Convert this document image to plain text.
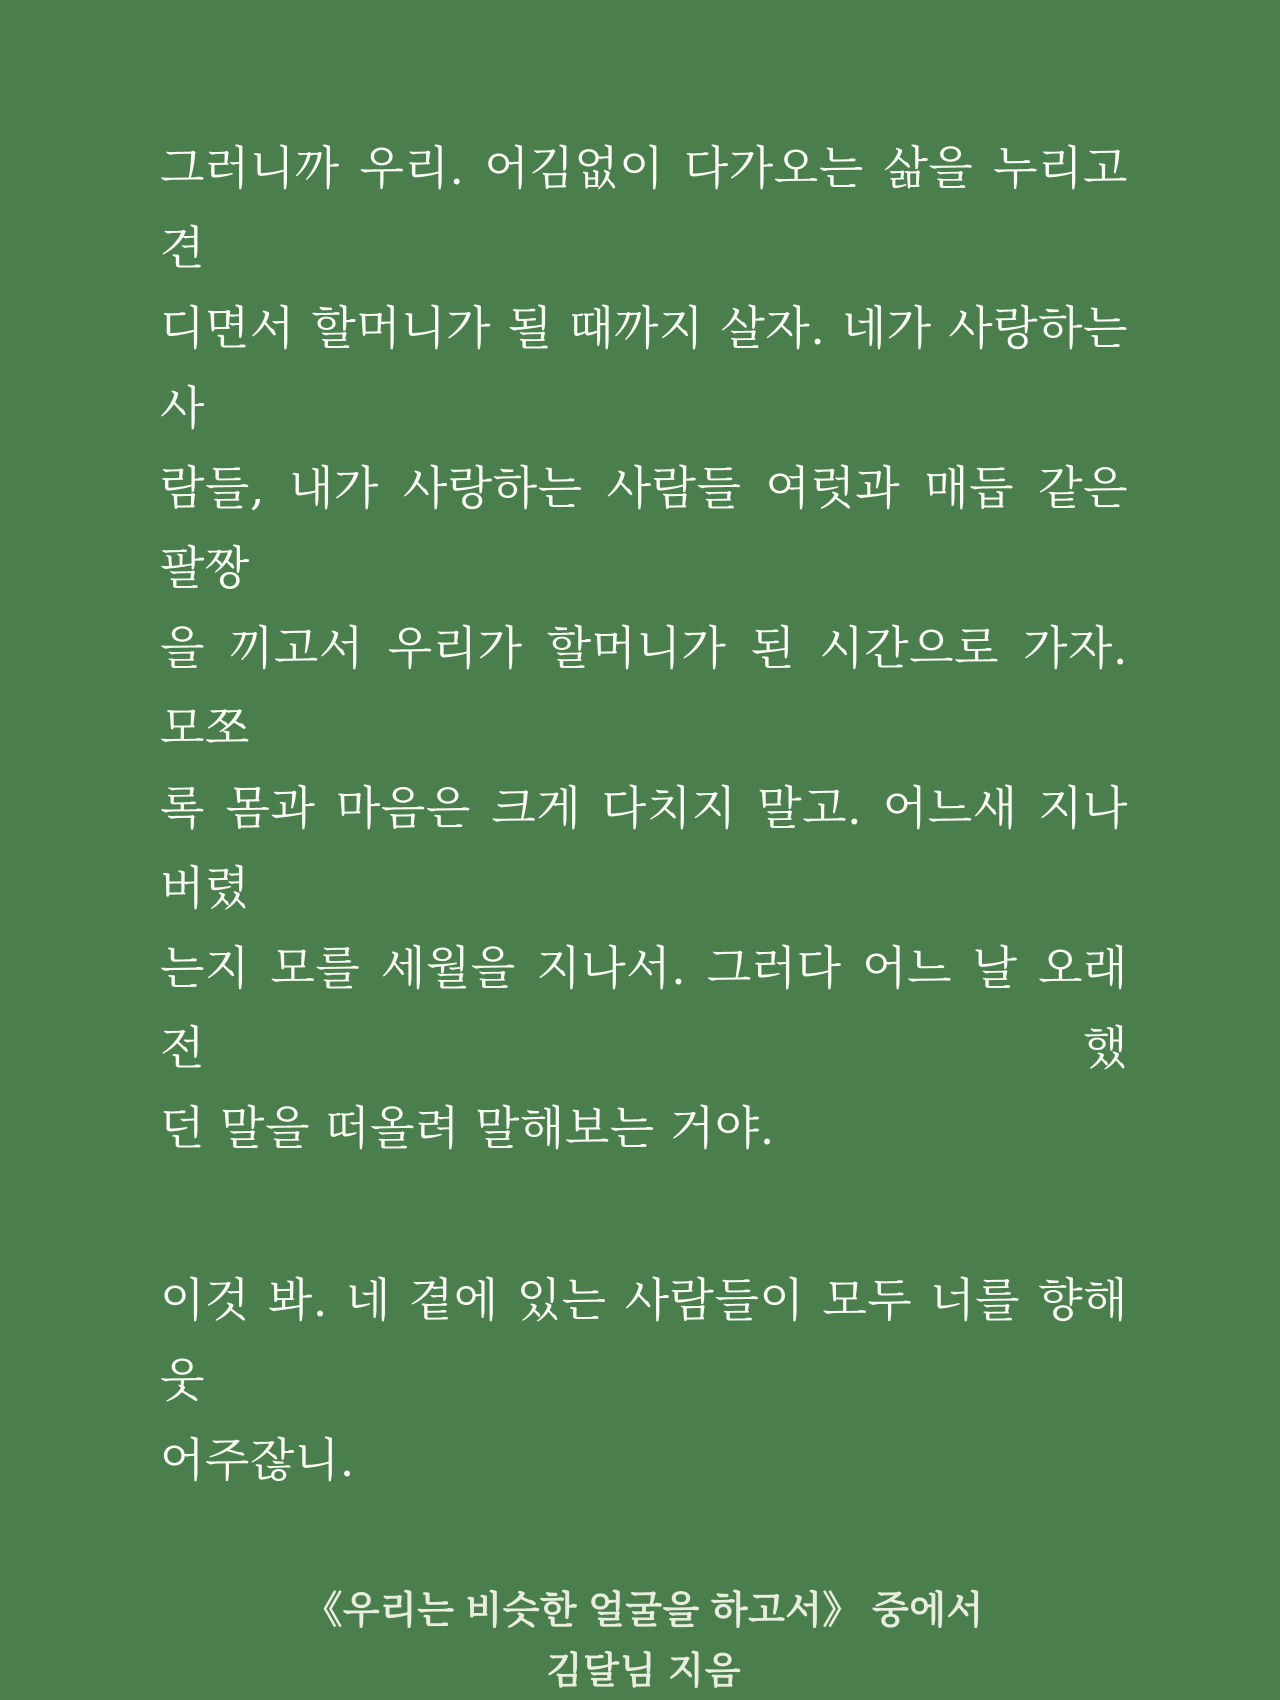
그러니까 우리. 어김없이 다가오는 삶을 누리고 견
디면서 할머니가 될 때까지 살자. 네가 사랑하는 사
람들, 내가 사랑하는 사람들 여럿과 매듭 같은 팔짱
을 끼고서 우리가 할머니가 된 시간으로 가자. 모쪼
록 몸과 마음은 크게 다치지 말고. 어느새 지나버렸
는지 모를 세월을 지나서. 그러다 어느 날 오래전 했
던 말을 떠올려 말해보는 거야.
이것 봐. 네 곁에 있는 사람들이 모두 너를 향해 웃
어주잖니.
《우리는 비슷한 얼굴을 하고서》 중에서
김달님 지음
